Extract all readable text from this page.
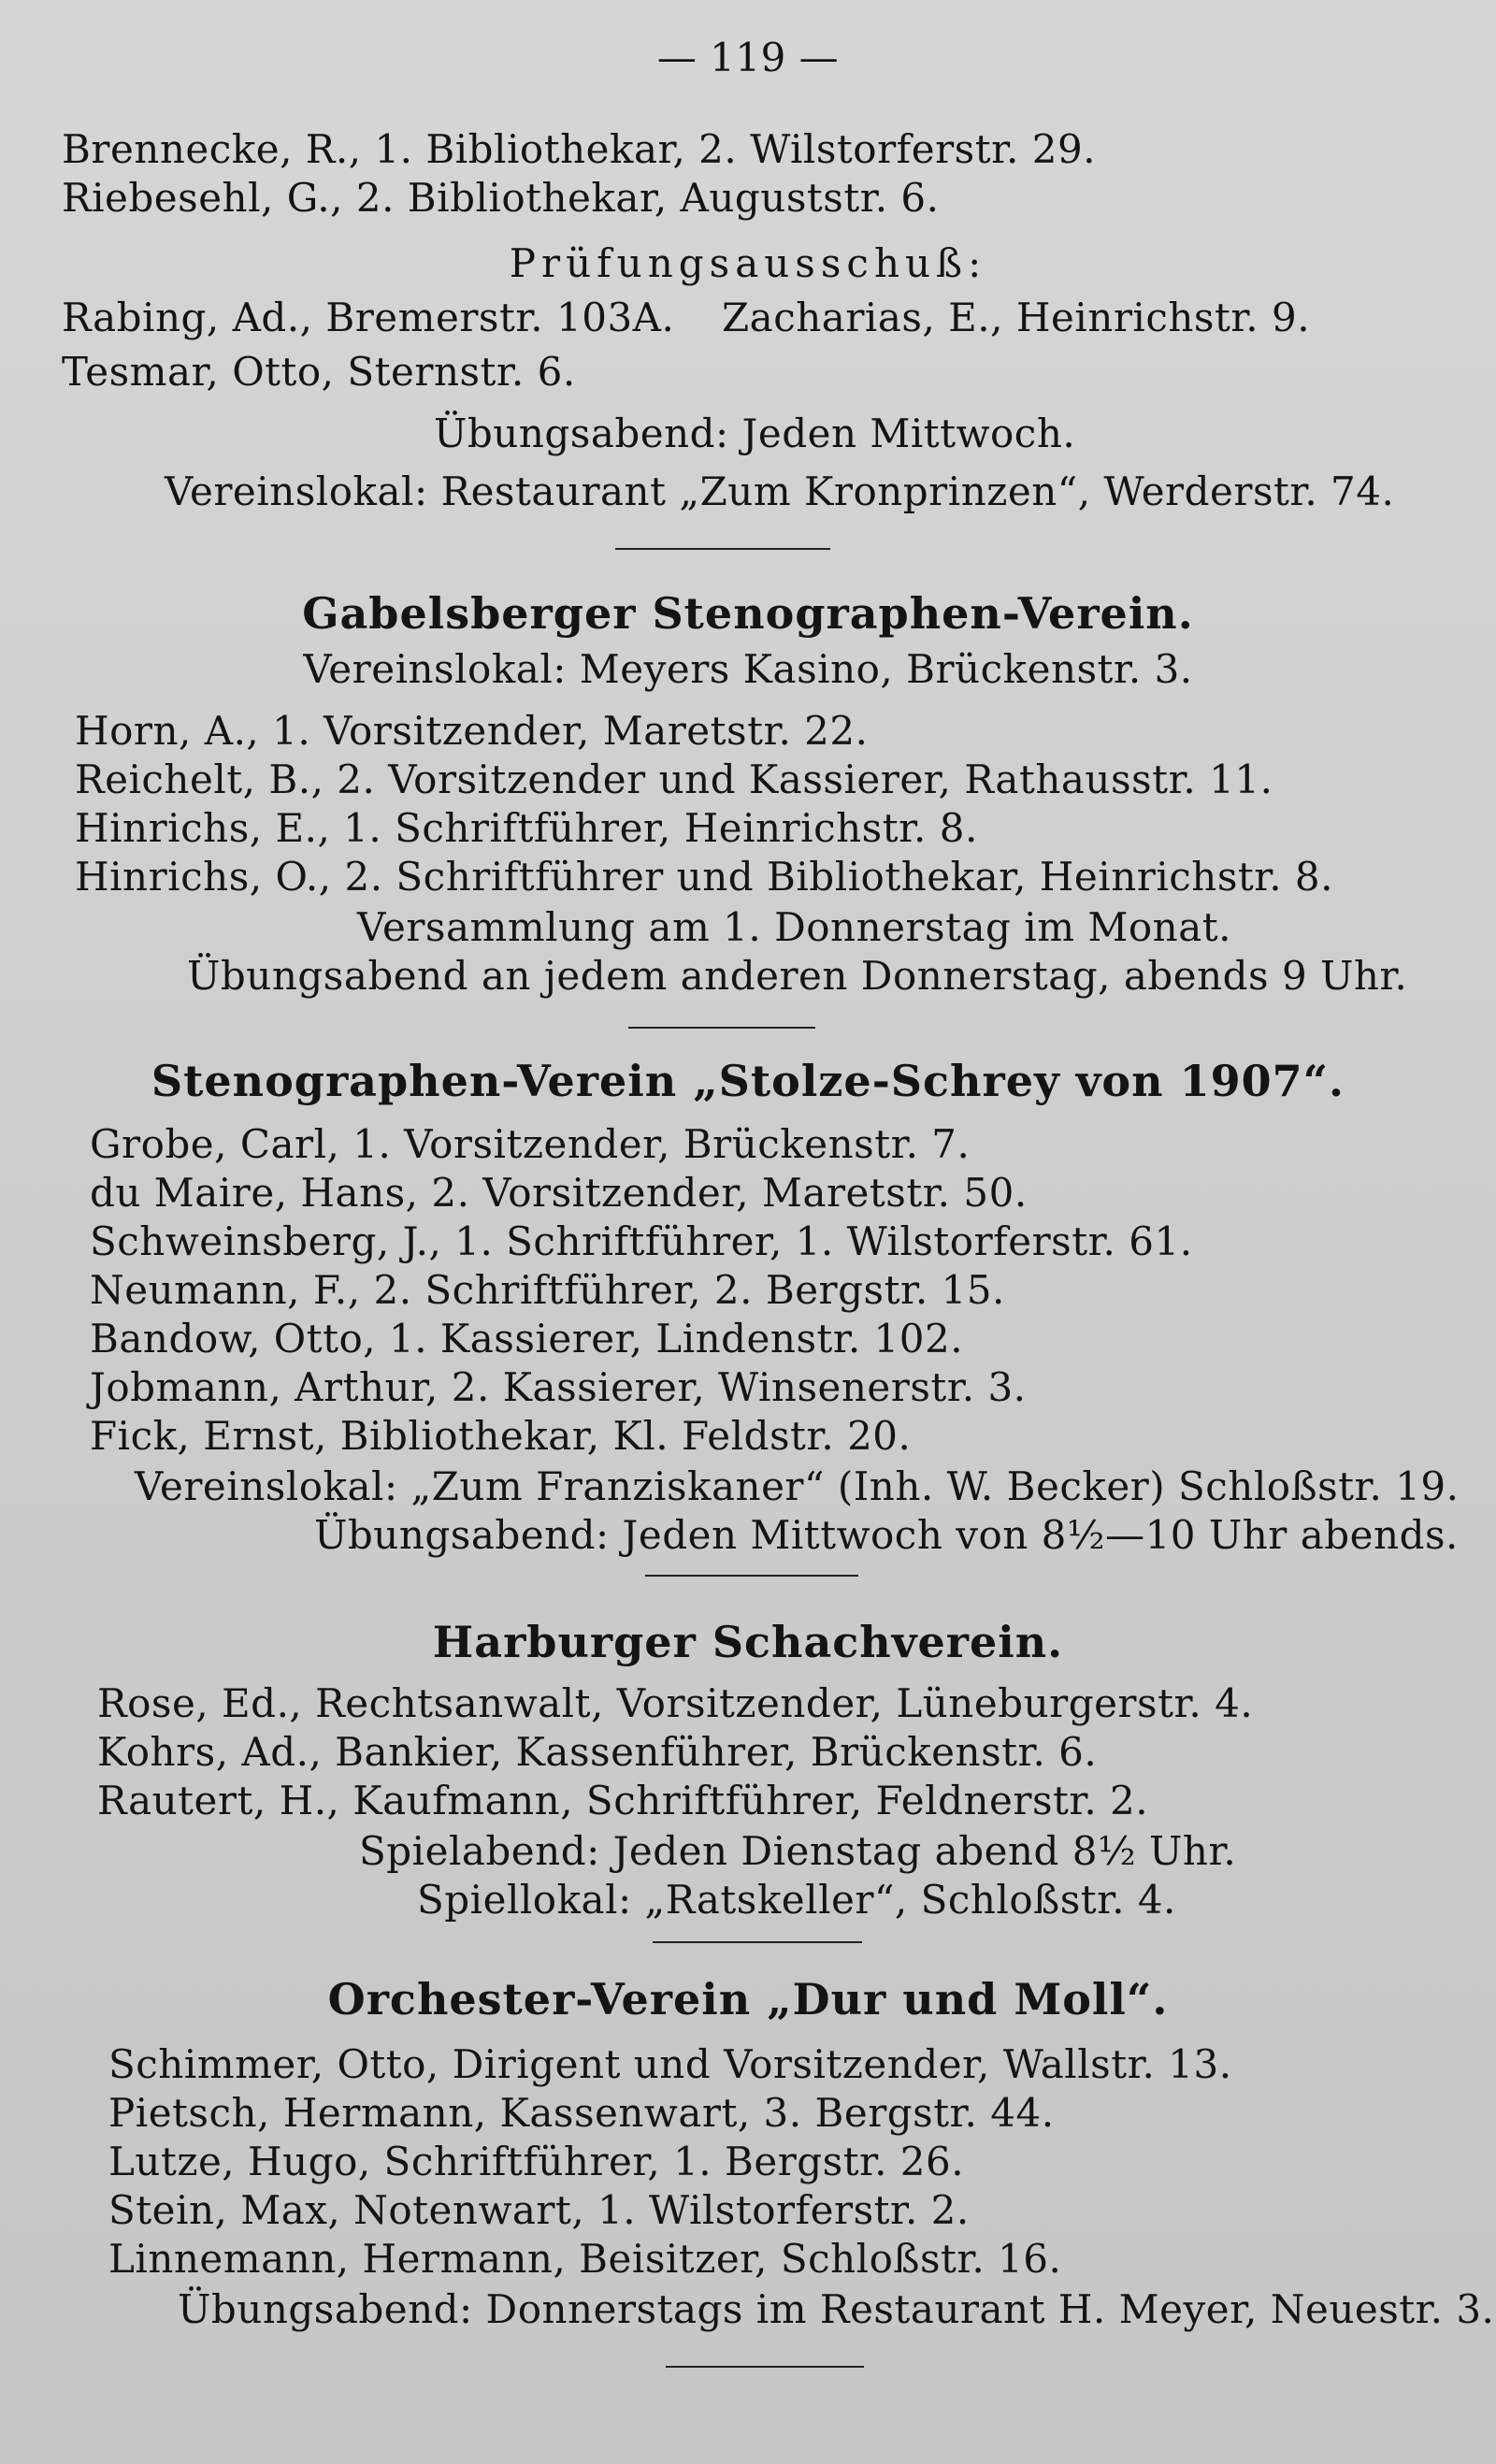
— 119 —
Brennecke, R., 1. Bibliothekar, 2. Wilstorferstr. 29.
Riebesehl, G., 2. Bibliothekar, Auguststr. 6.
Prüfungsausschuß:
Rabing, Ad., Bremerstr. 103A. Zacharias, E., Heinrichstr. 9.
Tesmar, Otto, Sternstr. 6.
Übungsabend: Jeden Mittwoch.
Vereinslokal: Restaurant „Zum Kronprinzen“, Werderstr. 74.
Gabelsberger Stenographen-Verein.
Vereinslokal: Meyers Kasino, Brückenstr. 3.
Horn, A., 1. Vorsitzender, Maretstr. 22.
Reichelt, B., 2. Vorsitzender und Kassierer, Rathausstr. 11.
Hinrichs, E., 1. Schriftführer, Heinrichstr. 8.
Hinrichs, O., 2. Schriftführer und Bibliothekar, Heinrichstr. 8.
Versammlung am 1. Donnerstag im Monat.
Übungsabend an jedem anderen Donnerstag, abends 9 Uhr.
Stenographen-Verein „Stolze-Schrey von 1907“.
Grobe, Carl, 1. Vorsitzender, Brückenstr. 7.
du Maire, Hans, 2. Vorsitzender, Maretstr. 50.
Schweinsberg, J., 1. Schriftführer, 1. Wilstorferstr. 61.
Neumann, F., 2. Schriftführer, 2. Bergstr. 15.
Bandow, Otto, 1. Kassierer, Lindenstr. 102.
Jobmann, Arthur, 2. Kassierer, Winsenerstr. 3.
Fick, Ernst, Bibliothekar, Kl. Feldstr. 20.
Vereinslokal: „Zum Franziskaner“ (Inh. W. Becker) Schloßstr. 19.
Übungsabend: Jeden Mittwoch von 8½—10 Uhr abends.
Harburger Schachverein.
Rose, Ed., Rechtsanwalt, Vorsitzender, Lüneburgerstr. 4.
Kohrs, Ad., Bankier, Kassenführer, Brückenstr. 6.
Rautert, H., Kaufmann, Schriftführer, Feldnerstr. 2.
Spielabend: Jeden Dienstag abend 8½ Uhr.
Spiellokal: „Ratskeller“, Schloßstr. 4.
Orchester-Verein „Dur und Moll“.
Schimmer, Otto, Dirigent und Vorsitzender, Wallstr. 13.
Pietsch, Hermann, Kassenwart, 3. Bergstr. 44.
Lutze, Hugo, Schriftführer, 1. Bergstr. 26.
Stein, Max, Notenwart, 1. Wilstorferstr. 2.
Linnemann, Hermann, Beisitzer, Schloßstr. 16.
Übungsabend: Donnerstags im Restaurant H. Meyer, Neuestr. 3.
